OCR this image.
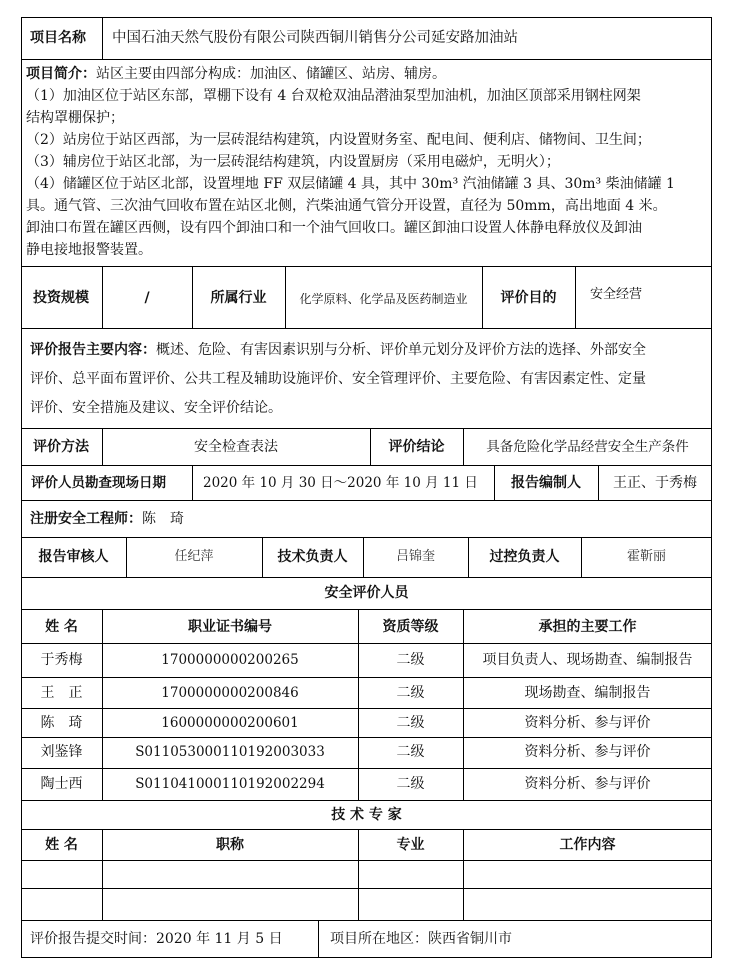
项目名称 中国石油天然气股份有限公司陕西铜川销售分公司延安路加油站

项目简介：站区主要由四部分构成：加油区、储罐区、站房、辅房。

（1）加油区位于站区东部，罩棚下设有 4 台双枪双油品潜油泵型加油机，加油区顶部采用钢柱网架

结构罩棚保护；

（2）站房位于站区西部，为一层砖混结构建筑，内设置财务室、配电间、便利店、储物间、卫生间；

（3）辅房位于站区北部，为一层砖混结构建筑，内设置厨房（采用电磁炉，无明火）；

（4）储罐区位于站区北部，设置埋地 FF 双层储罐 4 具，其中 30m³ 汽油储罐 3 具、30m³ 柴油储罐 1

具。通气管、三次油气回收布置在站区北侧，汽柴油通气管分开设置，直径为 50mm，高出地面 4 米。

卸油口布置在罐区西侧，设有四个卸油口和一个油气回收口。罐区卸油口设置人体静电释放仪及卸油

静电接地报警装置。

投资规模	/	所属行业	化学原料、化学品及医药制造业	评价目的	安全经营

评价报告主要内容：概述、危险、有害因素识别与分析、评价单元划分及评价方法的选择、外部安全

评价、总平面布置评价、公共工程及辅助设施评价、安全管理评价、主要危险、有害因素定性、定量

评价、安全措施及建议、安全评价结论。

评价方法	安全检查表法	评价结论	具备危险化学品经营安全生产条件
评价人员勘查现场日期	2020 年 10 月 30 日～2020 年 10 月 11 日	报告编制人	王正、于秀梅
注册安全工程师：陈　琦
报告审核人	任纪萍	技术负责人	吕锦奎	过控负责人	霍靳丽
安全评价人员
姓 名	职业证书编号	资质等级	承担的主要工作
于秀梅	1700000000200265	二级	项目负责人、现场勘查、编制报告
王　正	1700000000200846	二级	现场勘查、编制报告
陈　琦	1600000000200601	二级	资料分析、参与评价
刘鉴锋	S011053000110192003033	二级	资料分析、参与评价
陶士西	S011041000110192002294	二级	资料分析、参与评价
技 术 专 家
姓 名	职称	专业	工作内容
评价报告提交时间：2020 年 11 月 5 日	项目所在地区：陕西省铜川市
